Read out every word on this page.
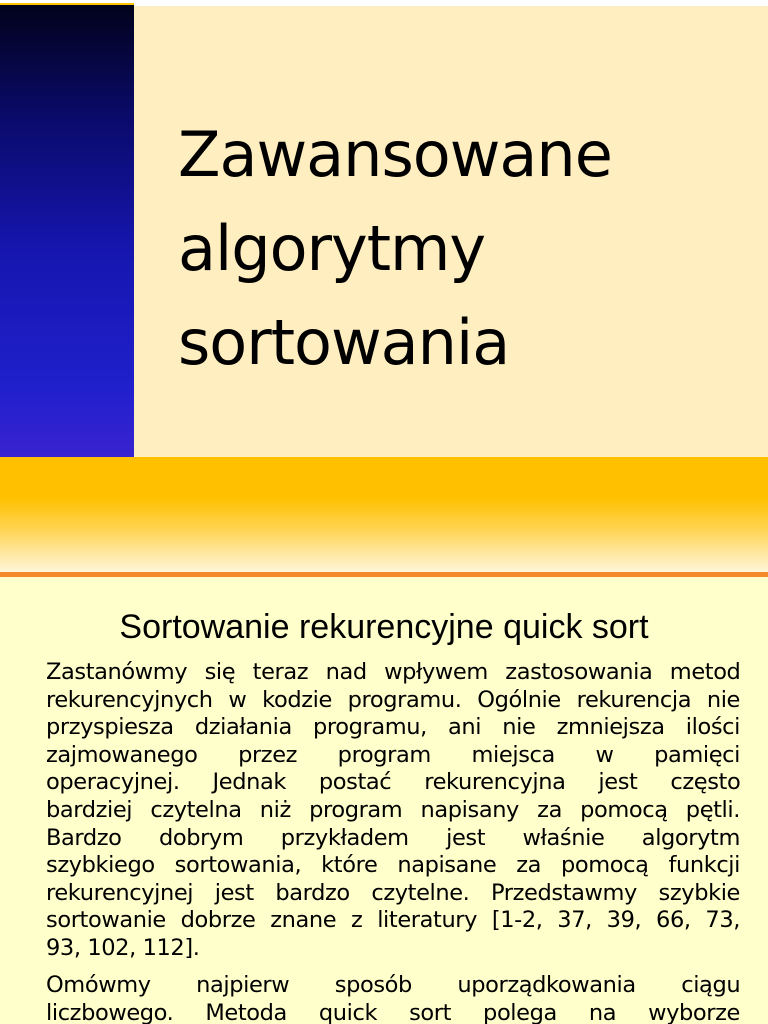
Zawansowane
algorytmy
sortowania
Sortowanie rekurencyjne quick sort
Zastanówmy się teraz nad wpływem zastosowania metod
rekurencyjnych w kodzie programu. Ogólnie rekurencja nie
przyspiesza działania programu, ani nie zmniejsza ilości
zajmowanego przez program miejsca w pamięci
operacyjnej. Jednak postać rekurencyjna jest często
bardziej czytelna niż program napisany za pomocą pętli.
Bardzo dobrym przykładem jest właśnie algorytm
szybkiego sortowania, które napisane za pomocą funkcji
rekurencyjnej jest bardzo czytelne. Przedstawmy szybkie
sortowanie dobrze znane z literatury [1-2, 37, 39, 66, 73,
93, 102, 112].
Omówmy najpierw sposób uporządkowania ciągu
liczbowego. Metoda quick sort polega na wyborze
